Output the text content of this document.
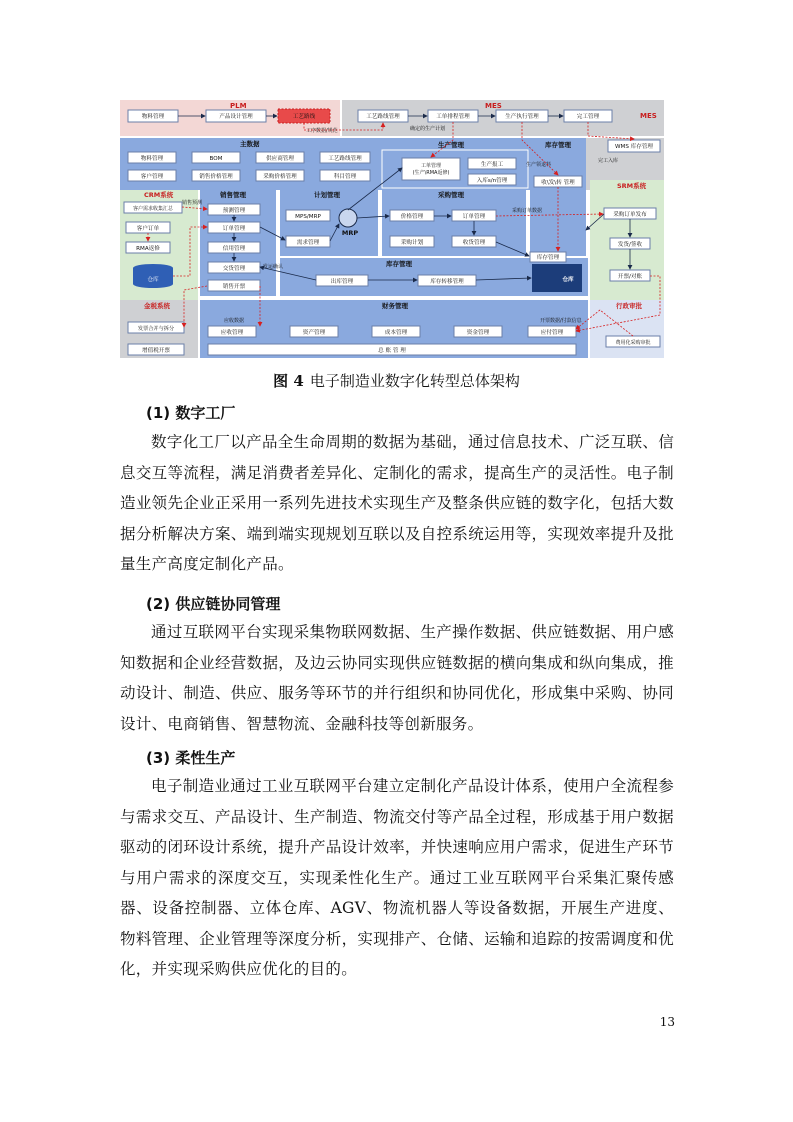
PLM	MES
MES
主数据	生产管理	库存管理
CRM系统	销售管理	计划管理	采购管理
SRM系统
库存管理
金税系统	财务管理	行政审批
物料管理	产品设计管理	工艺路线	工艺路线管理	工单排程管理	生产执行管理	完工管理
WMS 库存管理
物料管理	BOM	供应商管理	工艺路线管理
客户管理	销售价格管理	采购价格管理	科目管理
工单管理(生产\RMA返修)
生产报工
入库s/n管理	收\发\转 管理
客户需求收集汇总
客户订单
RMA返修
仓库
预测管理
订单管理
信用管理
交货管理
销售开票
MPS/MRP
MRP
需求管理
价格管理	订单管理
采购计划	收货管理
库存管理
仓库
采购订单发布
发货/签收
开票/对账
出库管理	库存转移管理
发票合并与拆分
增值税开票
应收管理	资产管理	成本管理	资金管理	应付管理
总 账 管 理
费用化采购审批
工序数据/规范	确定的生产计划
生产领退料
完工入库
销售预测
采购订单数据
发运确认
应收数据	开票数据/付款信息
图 4 电子制造业数字化转型总体架构
(1) 数字工厂
数字化工厂以产品全生命周期的数据为基础，通过信息技术、广泛互联、信息交互等流程，满足消费者差异化、定制化的需求，提高生产的灵活性。电子制造业领先企业正采用一系列先进技术实现生产及整条供应链的数字化，包括大数据分析解决方案、端到端实现规划互联以及自控系统运用等，实现效率提升及批量生产高度定制化产品。
(2) 供应链协同管理
通过互联网平台实现采集物联网数据、生产操作数据、供应链数据、用户感知数据和企业经营数据，及边云协同实现供应链数据的横向集成和纵向集成，推动设计、制造、供应、服务等环节的并行组织和协同优化，形成集中采购、协同设计、电商销售、智慧物流、金融科技等创新服务。
(3) 柔性生产
电子制造业通过工业互联网平台建立定制化产品设计体系，使用户全流程参与需求交互、产品设计、生产制造、物流交付等产品全过程，形成基于用户数据驱动的闭环设计系统，提升产品设计效率，并快速响应用户需求，促进生产环节与用户需求的深度交互，实现柔性化生产。通过工业互联网平台采集汇聚传感器、设备控制器、立体仓库、AGV、物流机器人等设备数据，开展生产进度、物料管理、企业管理等深度分析，实现排产、仓储、运输和追踪的按需调度和优化，并实现采购供应优化的目的。
13
